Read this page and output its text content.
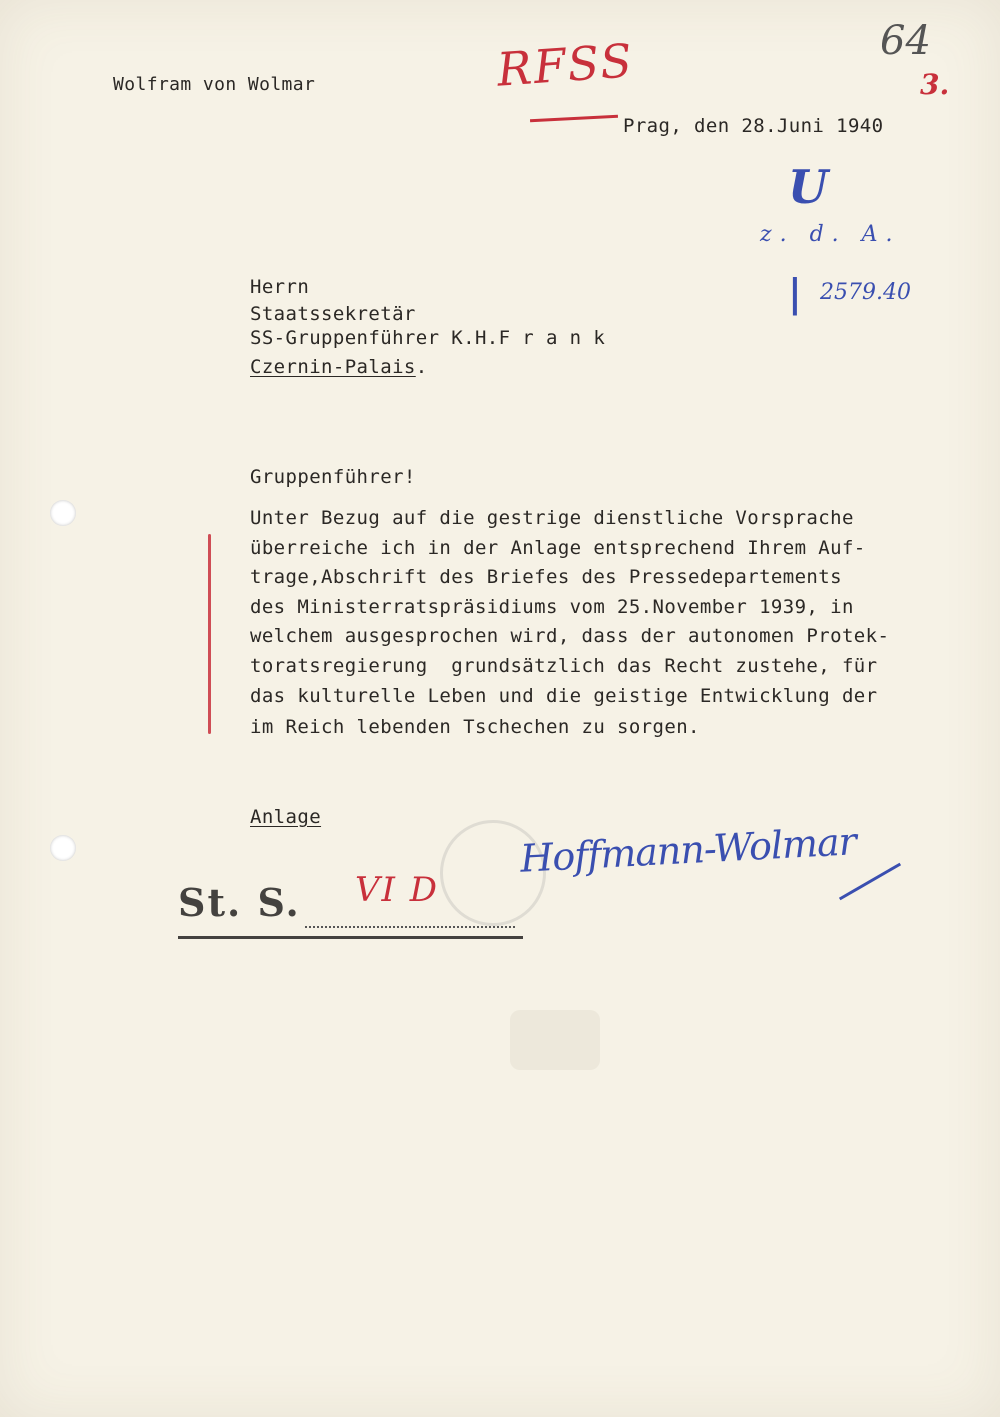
Wolfram von Wolmar	RFSS	64
3.
Prag, den 28.Juni 1940
U
z. d. A.
| 2579.40
Herrn
Staatssekretär
SS-Gruppenführer K.H.F r a n k
Czernin-Palais.
Gruppenführer!
Unter Bezug auf die gestrige dienstliche Vorsprache
überreiche ich in der Anlage entsprechend Ihrem Auf-
trage,Abschrift des Briefes des Pressedepartements
des Ministerratspräsidiums vom 25.November 1939, in
welchem ausgesprochen wird, dass der autonomen Protek-
toratsregierung  grundsätzlich das Recht zustehe, für
das kulturelle Leben und die geistige Entwicklung der
im Reich lebenden Tschechen zu sorgen.
Anlage
Hoffmann-Wolmar
St. S. VI D
